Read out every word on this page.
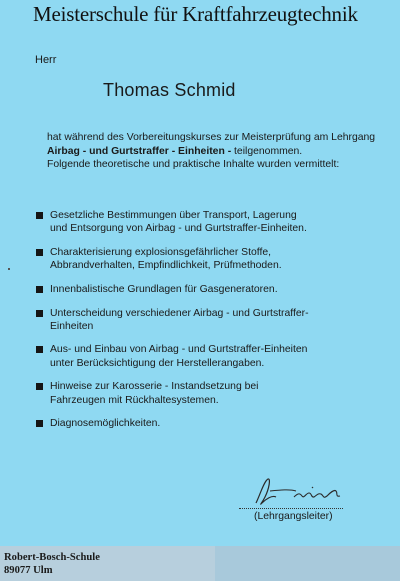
Meisterschule für Kraftfahrzeugtechnik
Herr
Thomas Schmid
hat während des Vorbereitungskurses zur Meisterprüfung am Lehrgang
Airbag - und Gurtstraffer - Einheiten - teilgenommen.
Folgende theoretische und praktische Inhalte wurden vermittelt:
Gesetzliche Bestimmungen über Transport, Lagerung
und Entsorgung von Airbag - und Gurtstraffer-Einheiten.
Charakterisierung explosionsgefährlicher Stoffe,
Abbrandverhalten, Empfindlichkeit, Prüfmethoden.
Innenbalistische Grundlagen für Gasgeneratoren.
Unterscheidung verschiedener Airbag - und Gurtstraffer-
Einheiten
Aus- und Einbau von Airbag - und Gurtstraffer-Einheiten
unter Berücksichtigung der Herstellerangaben.
Hinweise zur Karosserie - Instandsetzung bei
Fahrzeugen mit Rückhaltesystemen.
Diagnosemöglichkeiten.
(Lehrgangsleiter)
Robert-Bosch-Schule
89077 Ulm
